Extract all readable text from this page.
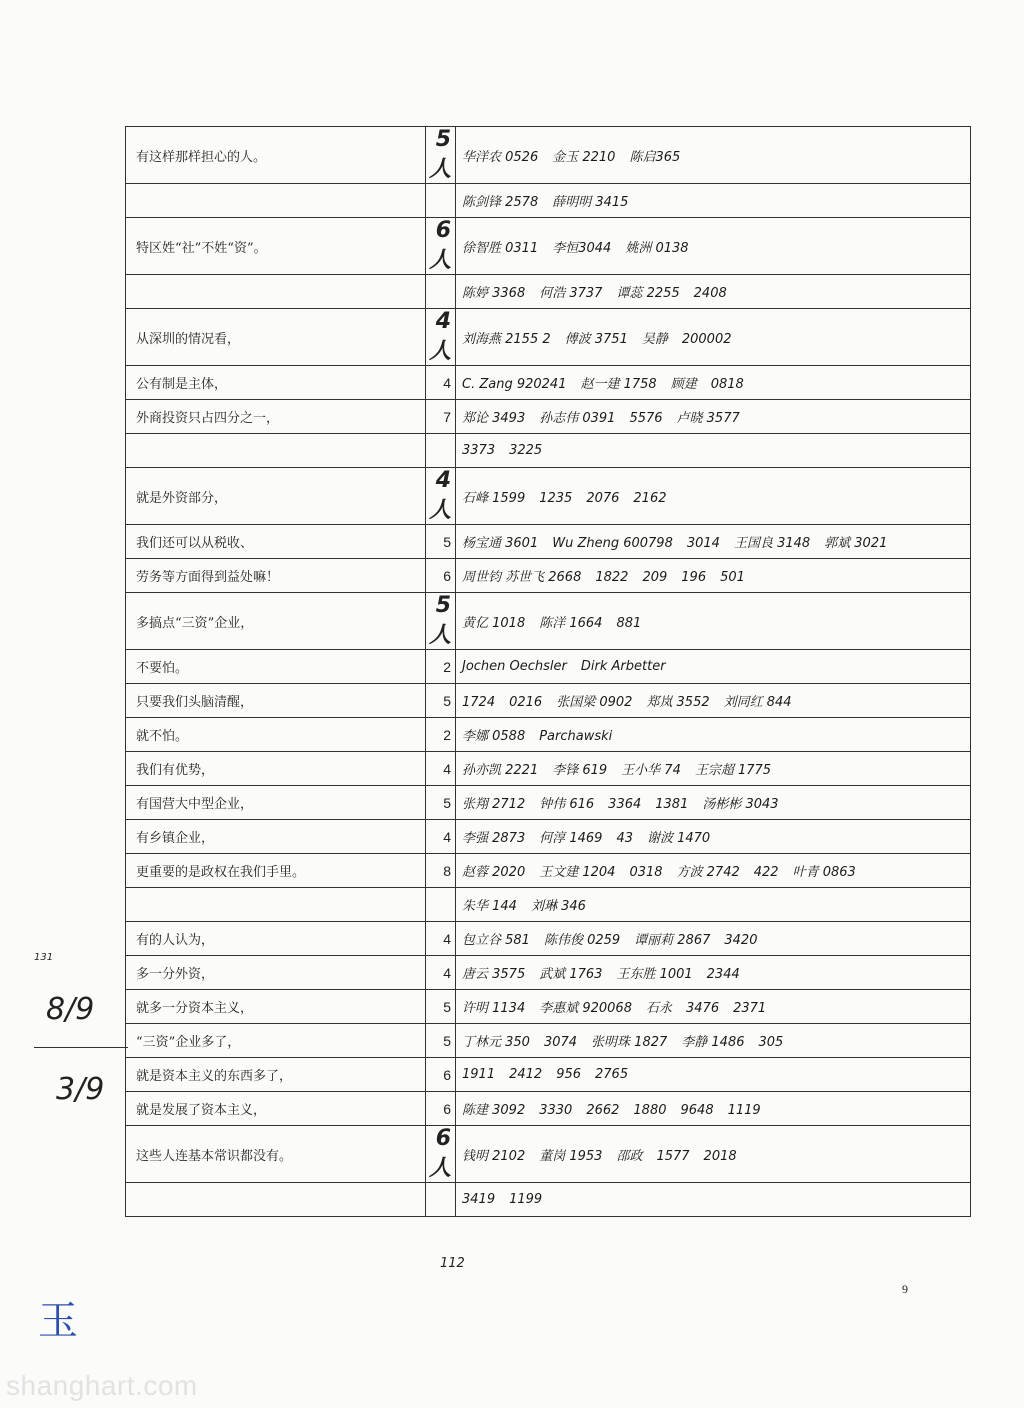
有这样那样担心的人。	5人	华洋农 0526 金玉 2210 陈启365
		陈剑锋 2578 薛明明 3415
特区姓“社”不姓“资”。	6人	徐智胜 0311 李恒3044 姚洲 0138
		陈婷 3368 何浩 3737 谭蕊 2255 2408
从深圳的情况看，	4人	刘海燕 2155 2 傅波 3751 吴静 200002
公有制是主体，	4	C. Zang 920241 赵一建 1758 顾建 0818
外商投资只占四分之一，	7	郑论 3493 孙志伟 0391 5576 卢晓 3577
		3373 3225
就是外资部分，	4人	石峰 1599 1235 2076 2162
我们还可以从税收、	5	杨宝通 3601 Wu Zheng 600798 3014 王国良 3148 郭斌 3021
劳务等方面得到益处嘛！	6	周世钧 苏世飞 2668 1822 209 196 501
多搞点“三资”企业，	5人	黄亿 1018 陈洋 1664 881
不要怕。	2	Jochen Oechsler Dirk Arbetter
只要我们头脑清醒，	5	1724 0216 张国梁 0902 郑岚 3552 刘同红 844
就不怕。	2	李娜 0588 Parchawski
我们有优势，	4	孙亦凯 2221 李锋 619 王小华 74 王宗超 1775
有国营大中型企业，	5	张翔 2712 钟伟 616 3364 1381 汤彬彬 3043
有乡镇企业，	4	李强 2873 何淳 1469 43 谢波 1470
更重要的是政权在我们手里。	8	赵蓉 2020 王文建 1204 0318 方波 2742 422 叶青 0863
		朱华 144 刘琳 346
有的人认为，	4	包立谷 581 陈伟俊 0259 谭丽莉 2867 3420
多一分外资，	4	唐云 3575 武斌 1763 王东胜 1001 2344
就多一分资本主义，	5	许明 1134 李惠斌 920068 石永 3476 2371
“三资”企业多了，	5	丁林元 350 3074 张明珠 1827 李静 1486 305
就是资本主义的东西多了，	6	1911 2412 956 2765
就是发展了资本主义，	6	陈建 3092 3330 2662 1880 9648 1119
这些人连基本常识都没有。	6人	钱明 2102 董岗 1953 邵政 1577 2018
		3419 1199
8/9
3/9
131
112
玉
9
shanghart.com
